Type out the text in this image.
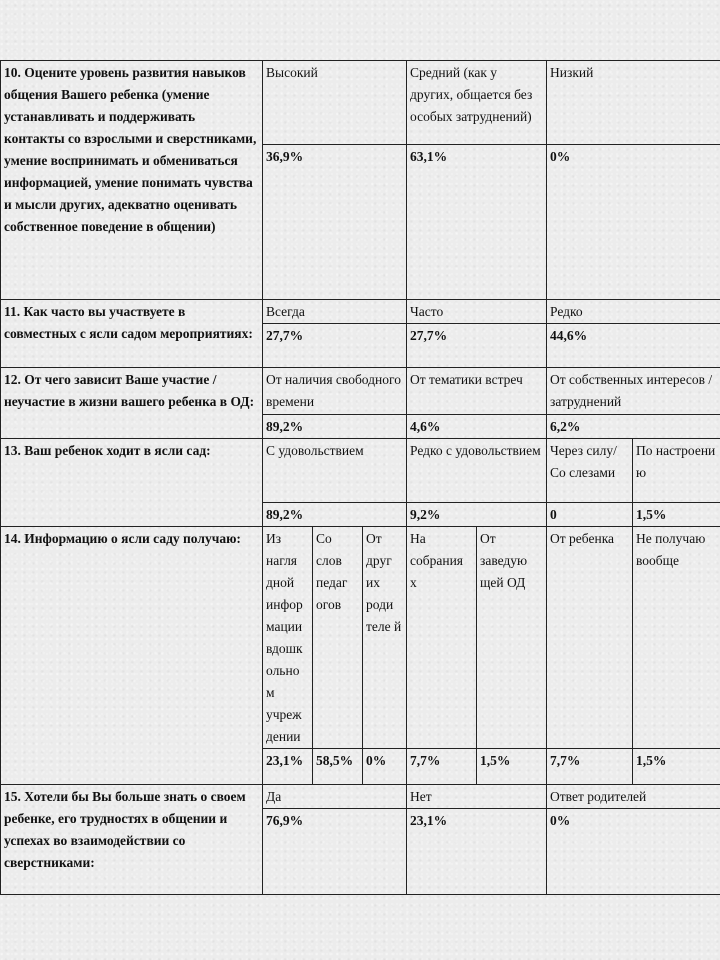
10. Оцените уровень развития навыков общения Вашего ребенка (умение устанавливать и поддерживать контакты со взрослыми и сверстниками, умение воспринимать и обмениваться информацией, умение понимать чувства и мысли других, адекватно оценивать собственное поведение в общении)	Высокий			Средний (как у других, общается без особых затруднений)		Низкий	
	36,9%			63,1%		0%	
11. Как часто вы участвуете в совместных с ясли садом мероприятиях:	Всегда			Часто		Редко	
	27,7%			27,7%		44,6%	
12. От чего зависит Ваше участие / неучастие в жизни вашего ребенка в ОД:	От наличия свободного времени			От тематики встреч		От собственных интересов /затруднений	
	89,2%			4,6%		6,2%	
13. Ваш ребенок ходит в ясли сад:	С удовольствием			Редко с удовольствием		Через силу/ Со слезами	По настроени ю
	89,2%			9,2%		0	1,5%
14. Информацию о ясли саду получаю:	Из нагля дной инфор мации вдошк ольно м учреж дении	Со слов педаг огов	От друг их роди теле й	На собрания х	От заведую щей ОД	От ребенка	Не получаю вообще
	23,1%	58,5%	0%	7,7%	1,5%	7,7%	1,5%
15. Хотели бы Вы больше знать о своем ребенке, его трудностях в общении и успехах во взаимодействии со сверстниками:	Да			Нет		Ответ родителей	
	76,9%			23,1%		0%	
